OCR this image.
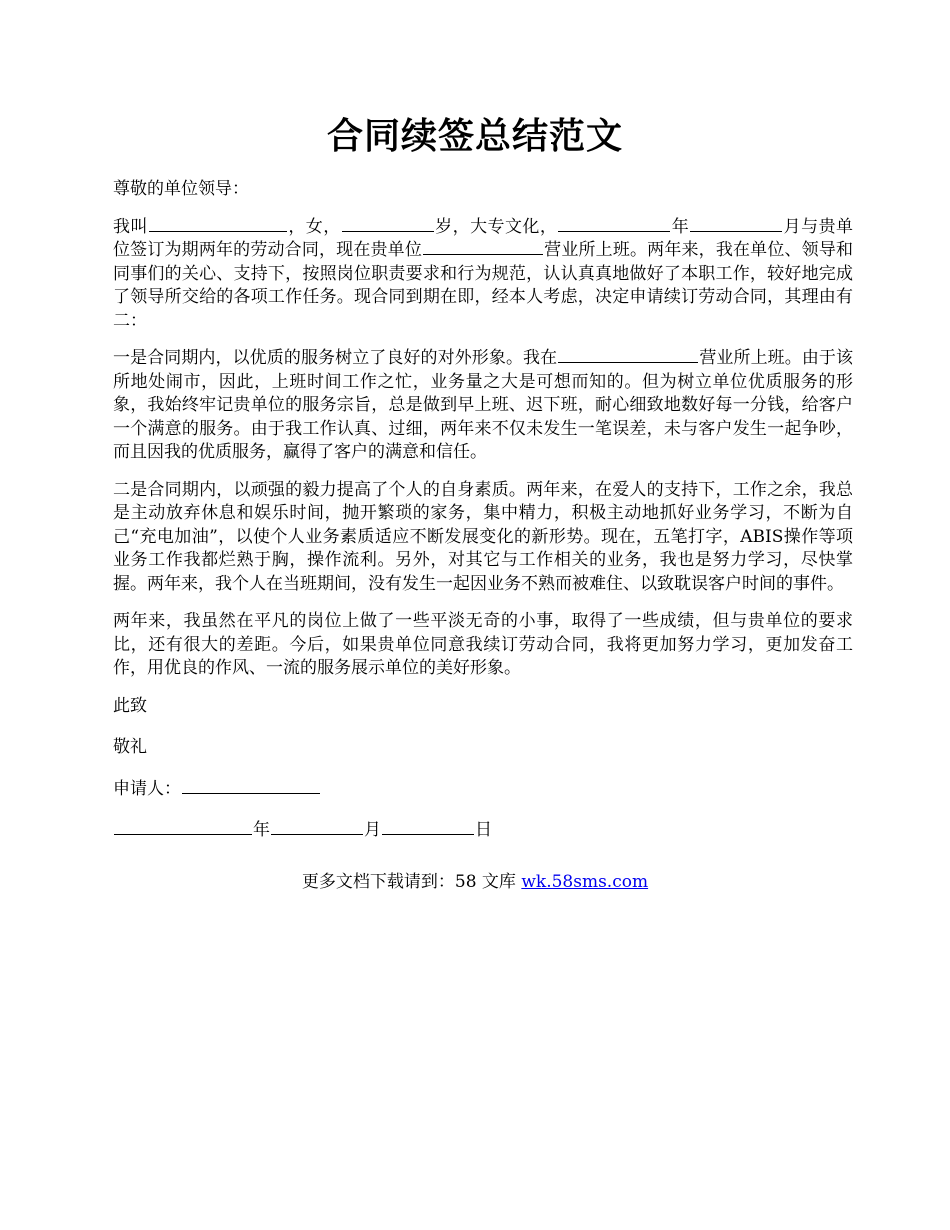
合同续签总结范文

尊敬的单位领导：

我叫	，女，	岁，大专文化，	年	月与贵单位签订为期两年的劳动合同，现在贵单位	营业所上班。两年来，我在单位、领导和同事们的关心、支持下，按照岗位职责要求和行为规范，认认真真地做好了本职工作，较好地完成了领导所交给的各项工作任务。现合同到期在即，经本人考虑，决定申请续订劳动合同，其理由有二：

一是合同期内，以优质的服务树立了良好的对外形象。我在	营业所上班。由于该所地处闹市，因此，上班时间工作之忙，业务量之大是可想而知的。但为树立单位优质服务的形象，我始终牢记贵单位的服务宗旨，总是做到早上班、迟下班，耐心细致地数好每一分钱，给客户一个满意的服务。由于我工作认真、过细，两年来不仅未发生一笔误差，未与客户发生一起争吵，而且因我的优质服务，赢得了客户的满意和信任。

二是合同期内，以顽强的毅力提高了个人的自身素质。两年来，在爱人的支持下，工作之余，我总是主动放弃休息和娱乐时间，抛开繁琐的家务，集中精力，积极主动地抓好业务学习，不断为自己“充电加油”，以使个人业务素质适应不断发展变化的新形势。现在，五笔打字，ABIS操作等项业务工作我都烂熟于胸，操作流利。另外，对其它与工作相关的业务，我也是努力学习，尽快掌握。两年来，我个人在当班期间，没有发生一起因业务不熟而被难住、以致耽误客户时间的事件。

两年来，我虽然在平凡的岗位上做了一些平淡无奇的小事，取得了一些成绩，但与贵单位的要求比，还有很大的差距。今后，如果贵单位同意我续订劳动合同，我将更加努力学习，更加发奋工作，用优良的作风、一流的服务展示单位的美好形象。

此致

敬礼

申请人：

年	月	日

更多文档下载请到：58 文库 wk.58sms.com
